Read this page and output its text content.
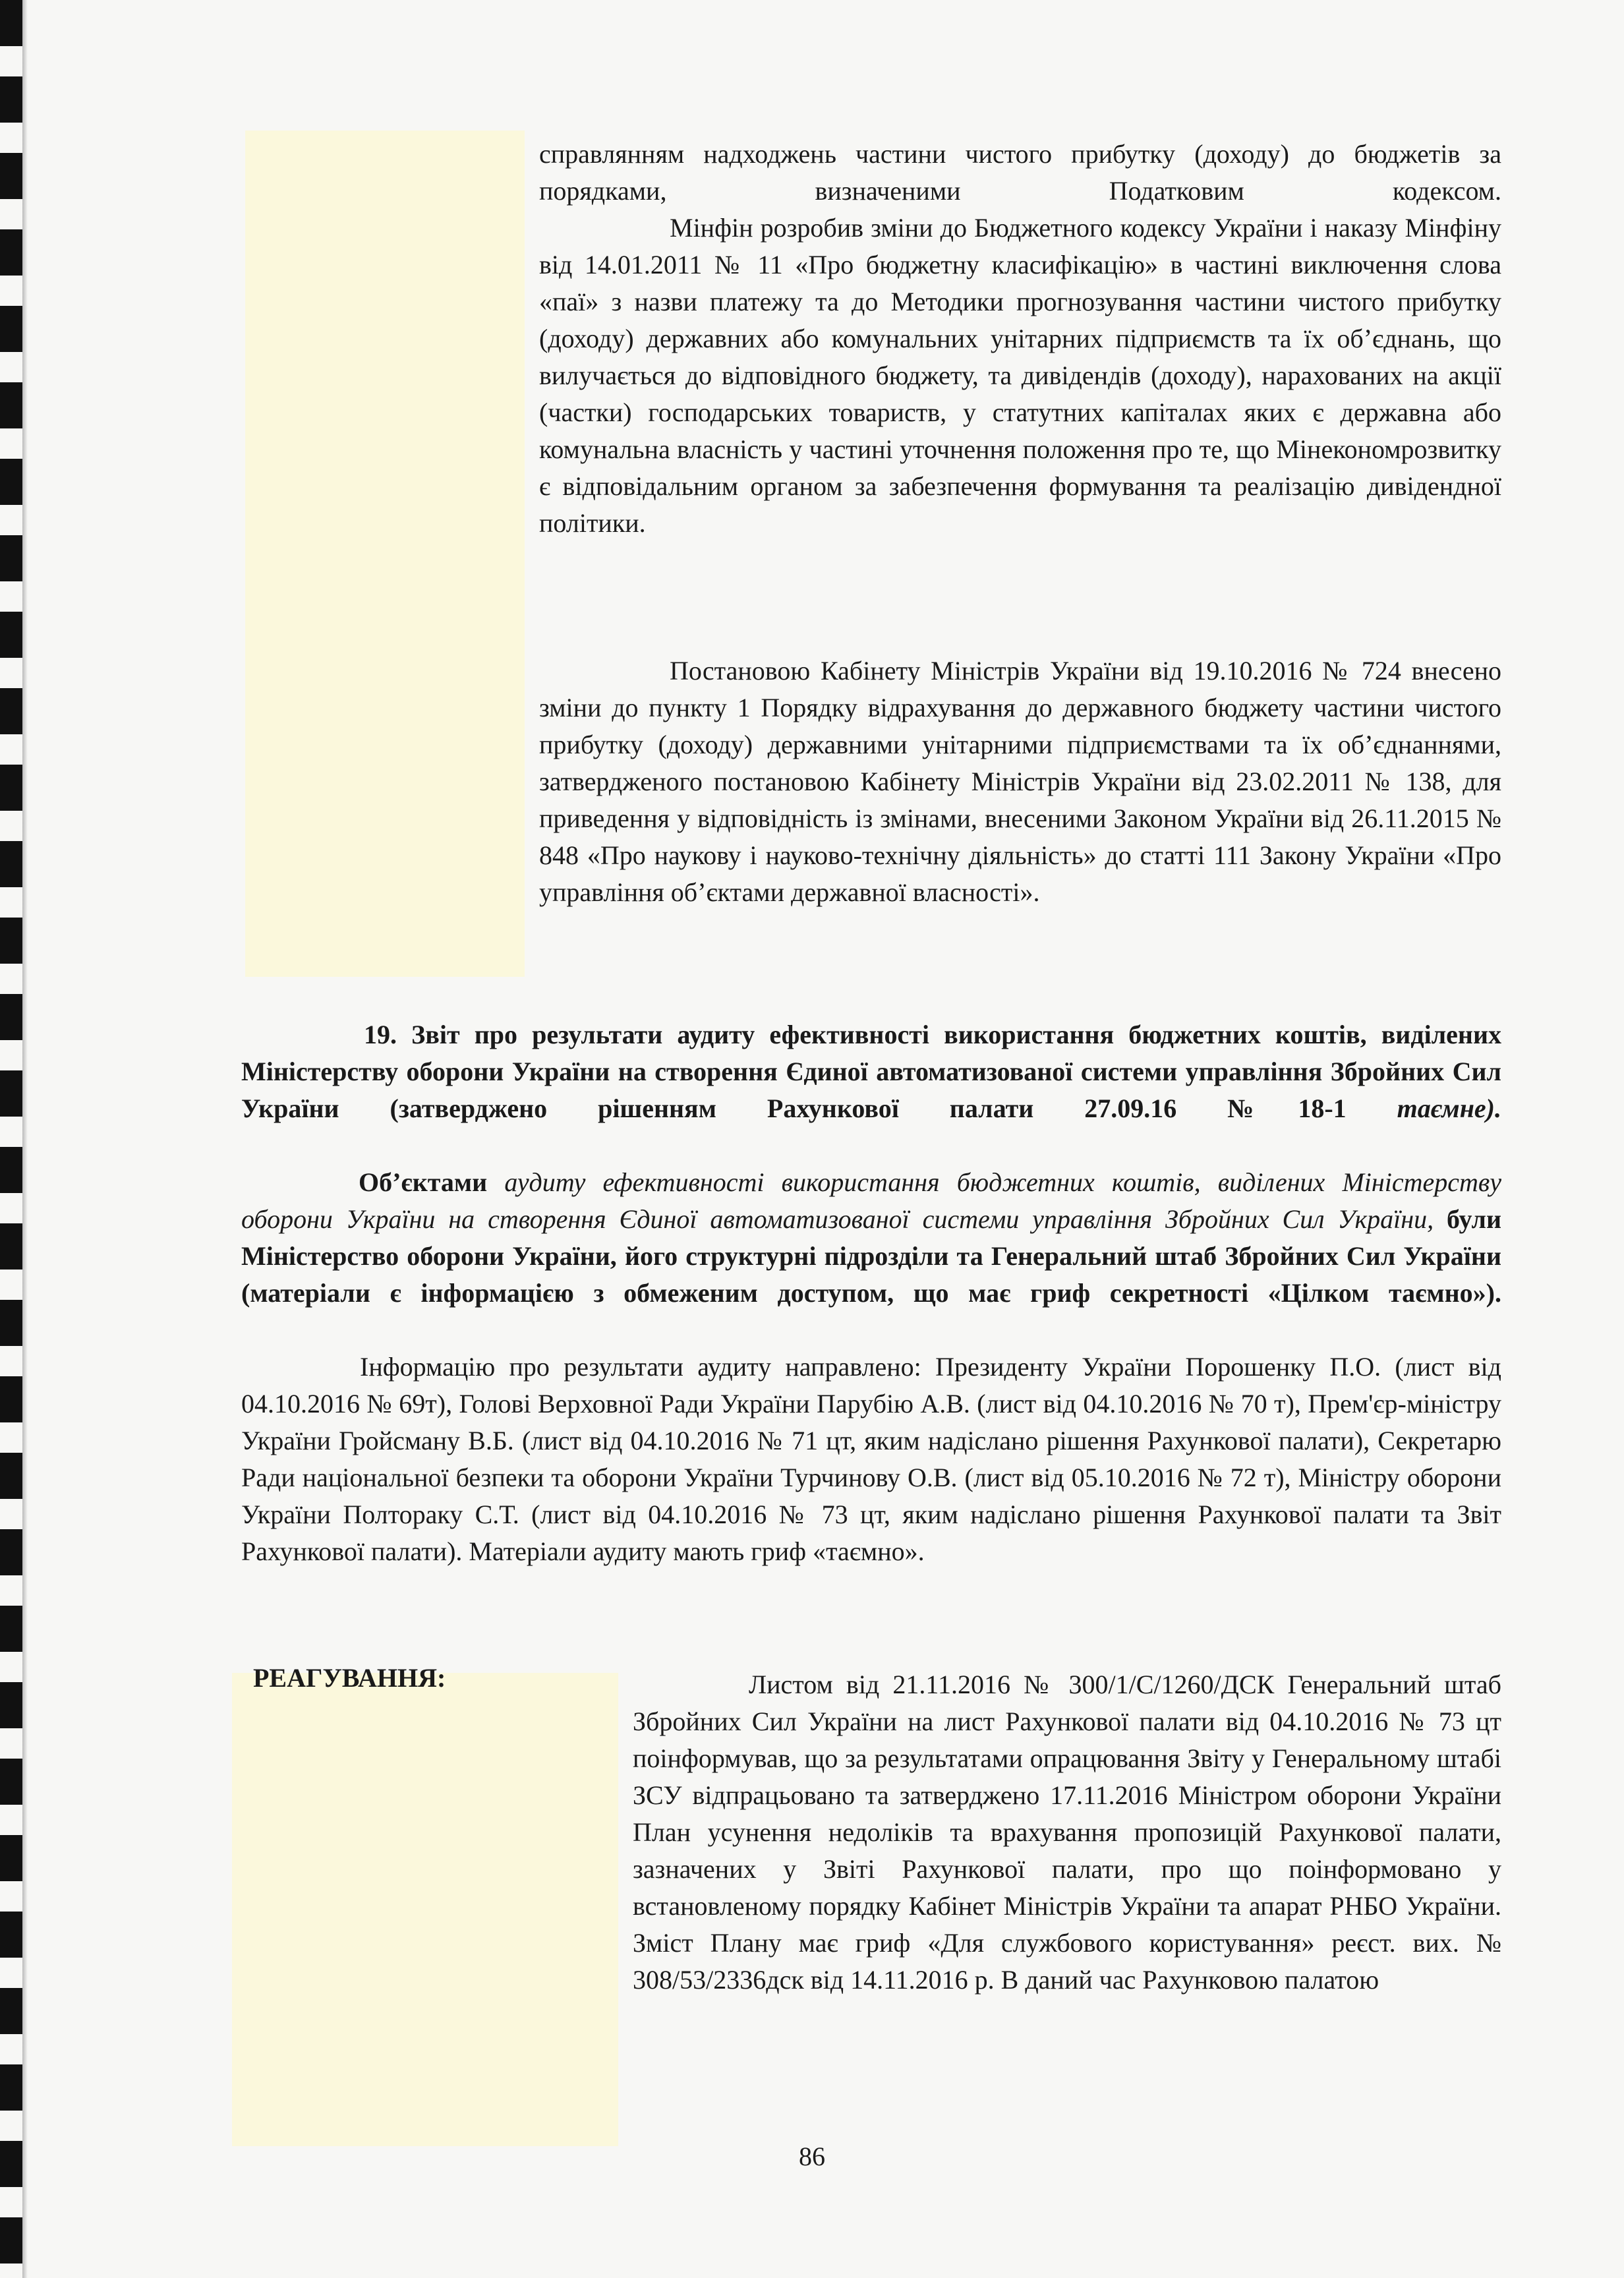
справлянням надходжень частини чистого прибутку (доходу) до бюджетів за порядками, визначеними Податковим кодексом.

Мінфін розробив зміни до Бюджетного кодексу України і наказу Мінфіну від 14.01.2011 № 11 «Про бюджетну класифікацію» в частині виключення слова «паї» з назви платежу та до Методики прогнозування частини чистого прибутку (доходу) державних або комунальних унітарних підприємств та їх об’єднань, що вилучається до відповідного бюджету, та дивідендів (доходу), нарахованих на акції (частки) господарських товариств, у статутних капіталах яких є державна або комунальна власність у частині уточнення положення про те, що Мінекономрозвитку є відповідальним органом за забезпечення формування та реалізацію дивідендної політики.

Постановою Кабінету Міністрів України від 19.10.2016 № 724 внесено зміни до пункту 1 Порядку відрахування до державного бюджету частини чистого прибутку (доходу) державними унітарними підприємствами та їх об’єднаннями, затвердженого постановою Кабінету Міністрів України від 23.02.2011 № 138, для приведення у відповідність із змінами, внесеними Законом України від 26.11.2015 № 848 «Про наукову і науково-технічну діяльність» до статті 111 Закону України «Про управління об’єктами державної власності».

19. Звіт про результати аудиту ефективності використання бюджетних коштів, виділених Міністерству оборони України на створення Єдиної автоматизованої системи управління Збройних Сил України (затверджено рішенням Рахункової палати 27.09.16 №18-1 таємне).

Об’єктами аудиту ефективності використання бюджетних коштів, виділених Міністерству оборони України на створення Єдиної автоматизованої системи управління Збройних Сил України, були Міністерство оборони України, його структурні підрозділи та Генеральний штаб Збройних Сил України (матеріали є інформацією з обмеженим доступом, що має гриф секретності «Цілком таємно»).

Інформацію про результати аудиту направлено: Президенту України Порошенку П.О. (лист від 04.10.2016 № 69т), Голові Верховної Ради України Парубію А.В. (лист від 04.10.2016 № 70 т), Прем'єр-міністру України Гройсману В.Б. (лист від 04.10.2016 № 71 цт, яким надіслано рішення Рахункової палати), Секретарю Ради національної безпеки та оборони України Турчинову О.В. (лист від 05.10.2016 № 72 т), Міністру оборони України Полтораку С.Т. (лист від 04.10.2016 № 73 цт, яким надіслано рішення Рахункової палати та Звіт Рахункової палати). Матеріали аудиту мають гриф «таємно».

РЕАГУВАННЯ:	Листом від 21.11.2016 № 300/1/С/1260/ДСК Генеральний штаб Збройних Сил України на лист Рахункової палати від 04.10.2016 № 73 цт поінформував, що за результатами опрацювання Звіту у Генеральному штабі ЗСУ відпрацьовано та затверджено 17.11.2016 Міністром оборони України План усунення недоліків та врахування пропозицій Рахункової палати, зазначених у Звіті Рахункової палати, про що поінформовано у встановленому порядку Кабінет Міністрів України та апарат РНБО України. Зміст Плану має гриф «Для службового користування» реєст. вих. № 308/53/2336дск від 14.11.2016 р. В даний час Рахунковою палатою

86
